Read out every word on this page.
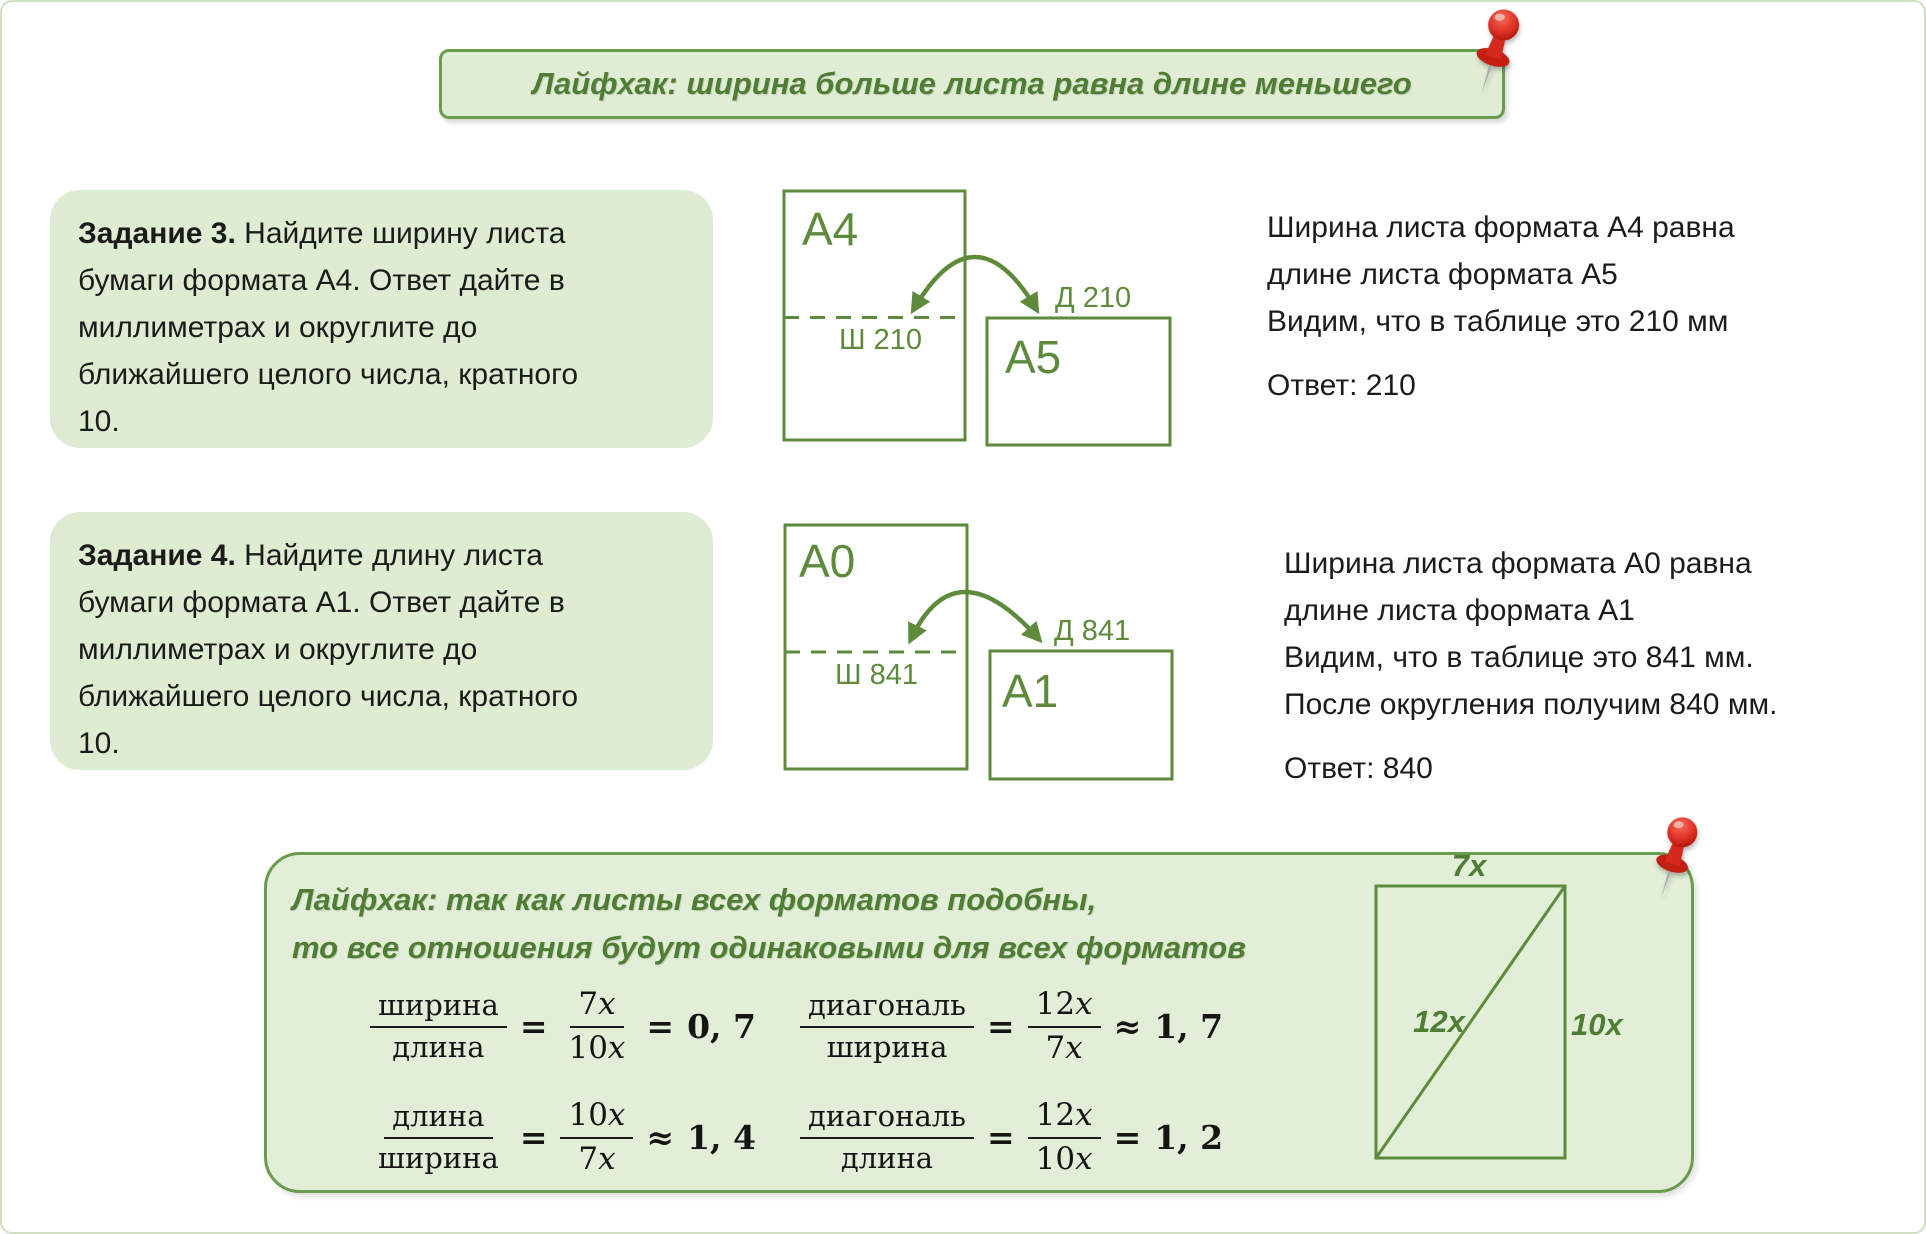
Лайфхак: ширина больше листа равна длине меньшего
Задание 3. Найдите ширину листа
бумаги формата А4. Ответ дайте в
миллиметрах и округлите до
ближайшего целого числа, кратного
10.
Задание 4. Найдите длину листа
бумаги формата А1. Ответ дайте в
миллиметрах и округлите до
ближайшего целого числа, кратного
10.
А4
Ш 210 А5
Д 210
Ширина листа формата А4 равна
длине листа формата А5
Видим, что в таблице это 210 мм
Ответ: 210
А0
Ш 841 А1
Д 841
Ширина листа формата А0 равна
длине листа формата А1
Видим, что в таблице это 841 мм.
После округления получим 840 мм.
Ответ: 840
Лайфхак: так как листы всех форматов подобны,
то все отношения будут одинаковыми для всех форматов
$\frac{\text{ширина}}{\text{длина}} = \frac{7x}{10x} = 0$, 7
$\frac{\text{длина}}{\text{ширина}} = \frac{10x}{7x} \approx 1$, 4
$\frac{\text{диагональ}}{\text{ширина}} = \frac{12x}{7x} \approx 1$, 7
$\frac{\text{диагональ}}{\text{длина}} = \frac{12x}{10x} = 1$, 2
7x
12x	10x
